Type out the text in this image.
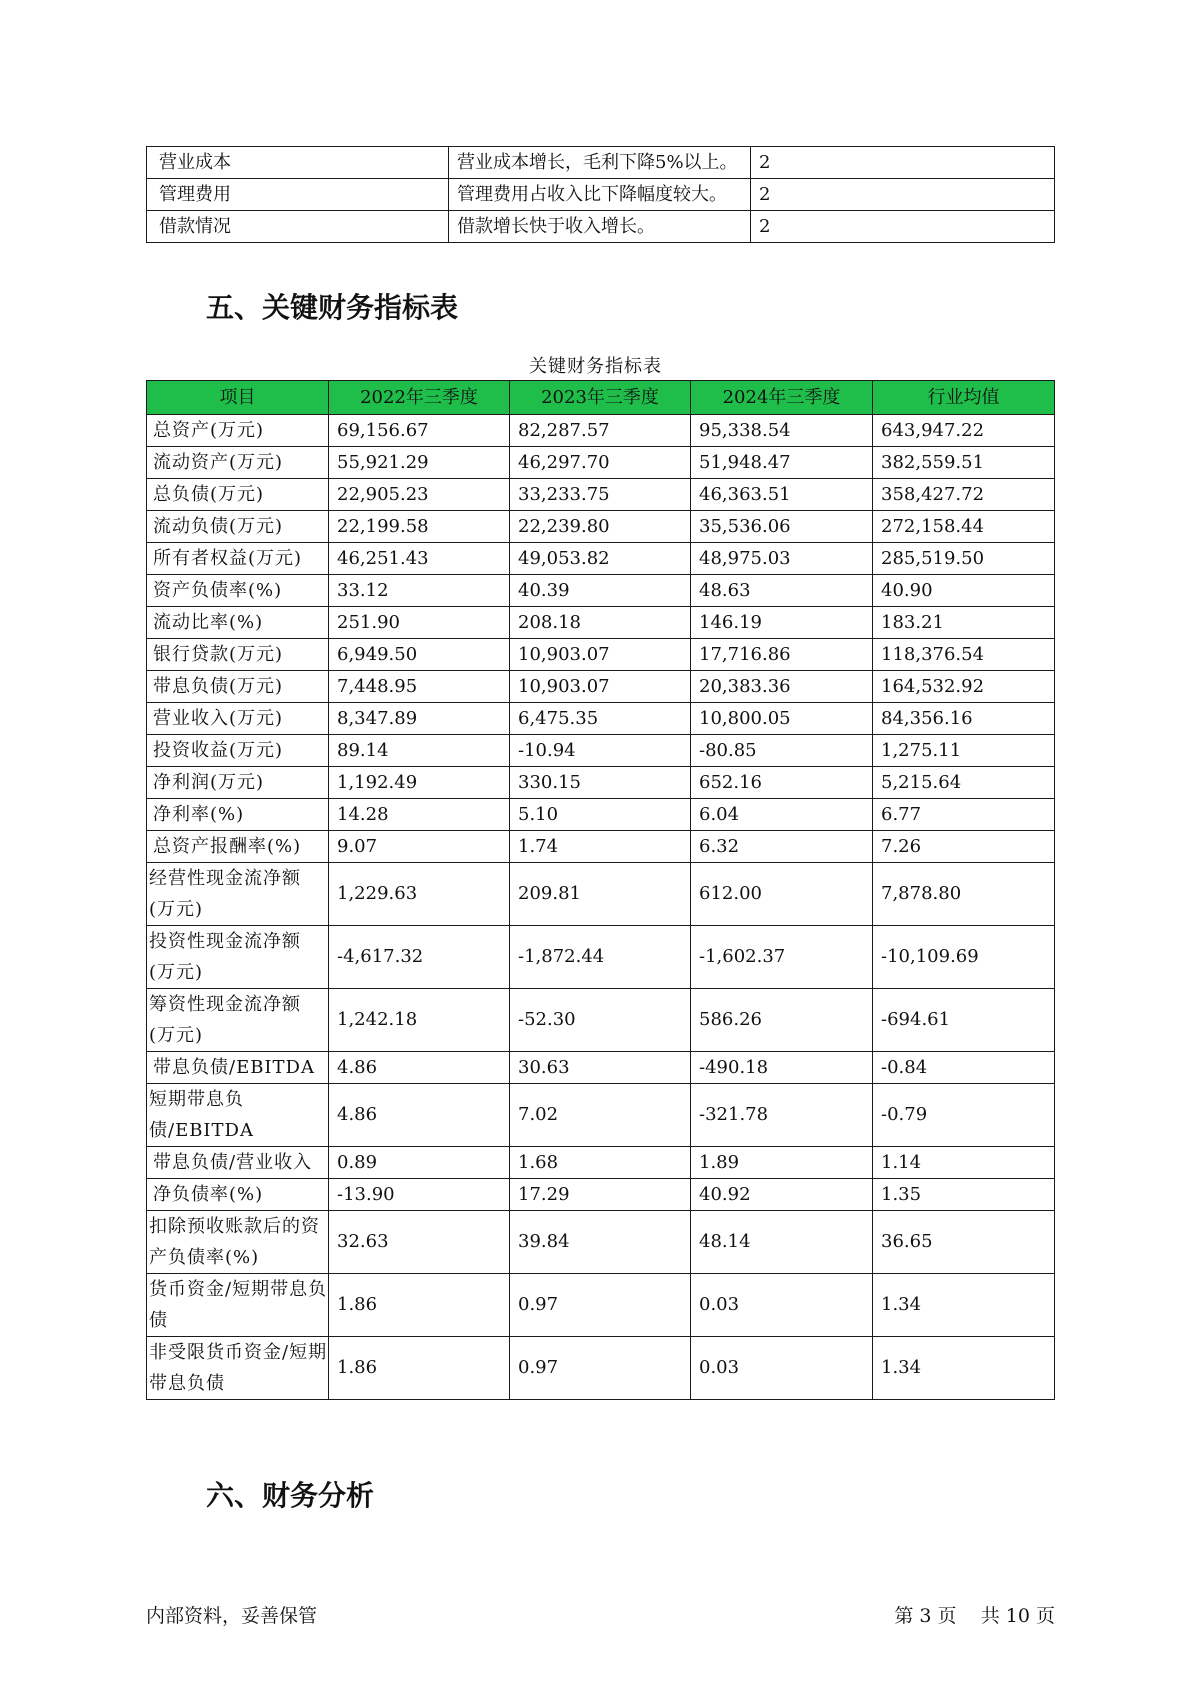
营业成本	营业成本增长，毛利下降5%以上。	2
管理费用	管理费用占收入比下降幅度较大。	2
借款情况	借款增长快于收入增长。	2
五、关键财务指标表
关键财务指标表
项目	2022年三季度	2023年三季度	2024年三季度	行业均值
总资产(万元)	69,156.67	82,287.57	95,338.54	643,947.22
流动资产(万元)	55,921.29	46,297.70	51,948.47	382,559.51
总负债(万元)	22,905.23	33,233.75	46,363.51	358,427.72
流动负债(万元)	22,199.58	22,239.80	35,536.06	272,158.44
所有者权益(万元)	46,251.43	49,053.82	48,975.03	285,519.50
资产负债率(%)	33.12	40.39	48.63	40.90
流动比率(%)	251.90	208.18	146.19	183.21
银行贷款(万元)	6,949.50	10,903.07	17,716.86	118,376.54
带息负债(万元)	7,448.95	10,903.07	20,383.36	164,532.92
营业收入(万元)	8,347.89	6,475.35	10,800.05	84,356.16
投资收益(万元)	89.14	-10.94	-80.85	1,275.11
净利润(万元)	1,192.49	330.15	652.16	5,215.64
净利率(%)	14.28	5.10	6.04	6.77
总资产报酬率(%)	9.07	1.74	6.32	7.26
经营性现金流净额(万元)	1,229.63	209.81	612.00	7,878.80
投资性现金流净额(万元)	-4,617.32	-1,872.44	-1,602.37	-10,109.69
筹资性现金流净额(万元)	1,242.18	-52.30	586.26	-694.61
带息负债/EBITDA	4.86	30.63	-490.18	-0.84
短期带息负债/EBITDA	4.86	7.02	-321.78	-0.79
带息负债/营业收入	0.89	1.68	1.89	1.14
净负债率(%)	-13.90	17.29	40.92	1.35
扣除预收账款后的资产负债率(%)	32.63	39.84	48.14	36.65
货币资金/短期带息负债	1.86	0.97	0.03	1.34
非受限货币资金/短期带息负债	1.86	0.97	0.03	1.34
六、财务分析
内部资料，妥善保管	第 3 页 共 10 页
